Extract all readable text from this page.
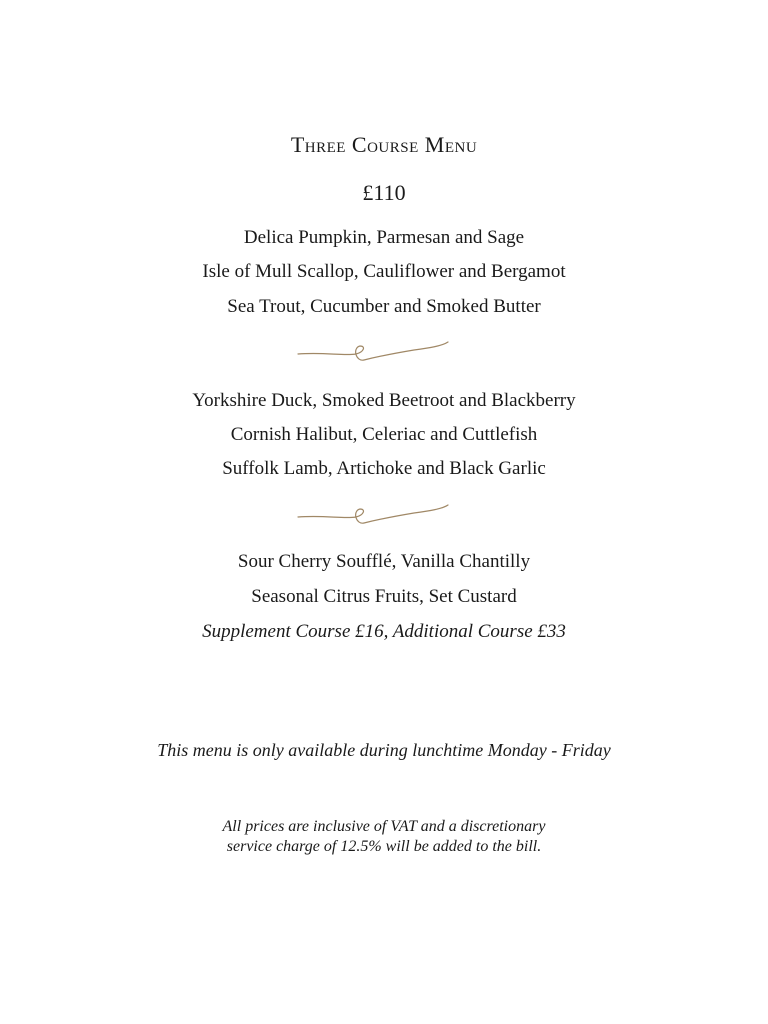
Three Course Menu
£110
Delica Pumpkin, Parmesan and Sage
Isle of Mull Scallop, Cauliflower and Bergamot
Sea Trout, Cucumber and Smoked Butter
Yorkshire Duck, Smoked Beetroot and Blackberry
Cornish Halibut, Celeriac and Cuttlefish
Suffolk Lamb, Artichoke and Black Garlic
Sour Cherry Soufflé, Vanilla Chantilly
Seasonal Citrus Fruits, Set Custard
Supplement Course £16, Additional Course £33
This menu is only available during lunchtime Monday - Friday
All prices are inclusive of VAT and a discretionary
service charge of 12.5% will be added to the bill.
